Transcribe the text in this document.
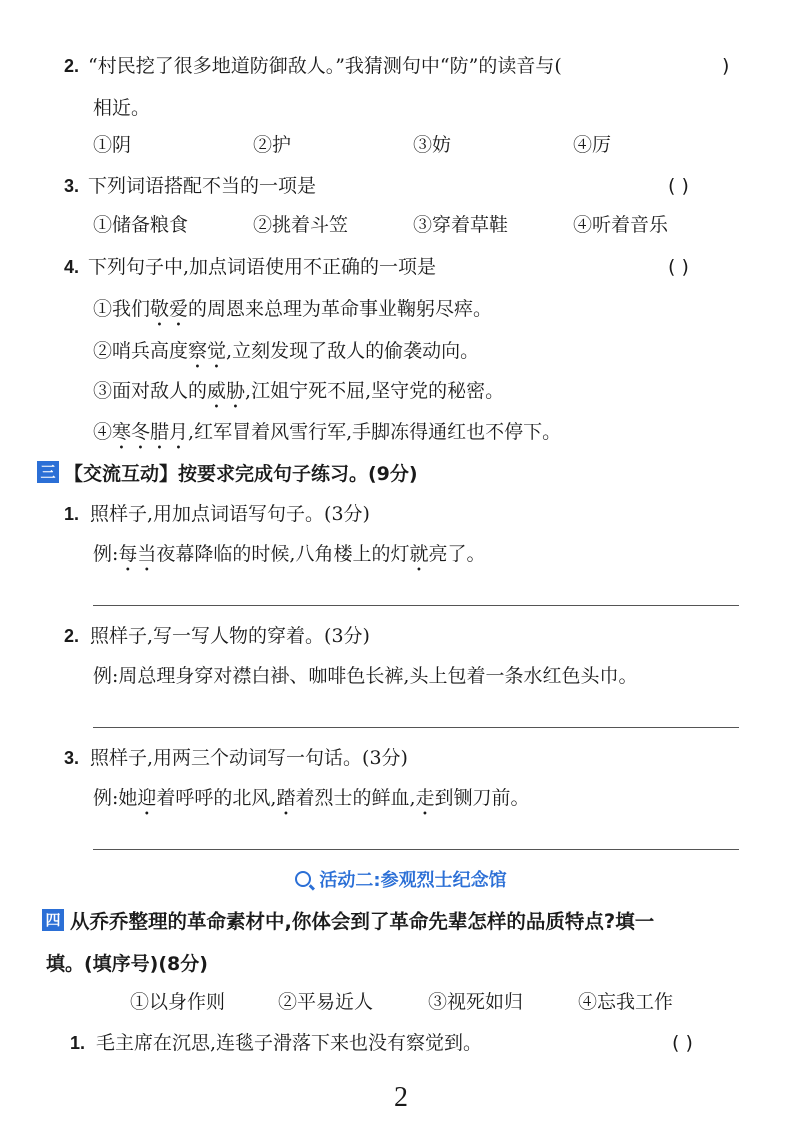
2. “村民挖了很多地道防御敌人。”我猜测句中“防”的读音与(	)
相近。
①阴	②护	③妨	④厉
3. 下列词语搭配不当的一项是	( )
①储备粮食	②挑着斗笠	③穿着草鞋	④听着音乐
4. 下列句子中,加点词语使用不正确的一项是	( )
①我们敬爱的周恩来总理为革命事业鞠躬尽瘁。
②哨兵高度察觉,立刻发现了敌人的偷袭动向。
③面对敌人的威胁,江姐宁死不屈,坚守党的秘密。
④寒冬腊月,红军冒着风雪行军,手脚冻得通红也不停下。
三 【交流互动】按要求完成句子练习。(9分)
1. 照样子,用加点词语写句子。(3分)
例:每当夜幕降临的时候,八角楼上的灯就亮了。
2. 照样子,写一写人物的穿着。(3分)
例:周总理身穿对襟白褂、咖啡色长裤,头上包着一条水红色头巾。
3. 照样子,用两三个动词写一句话。(3分)
例:她迎着呼呼的北风,踏着烈士的鲜血,走到铡刀前。
活动二:参观烈士纪念馆
四 从乔乔整理的革命素材中,你体会到了革命先辈怎样的品质特点?填一
填。(填序号)(8分)
①以身作则	②平易近人	③视死如归	④忘我工作
1. 毛主席在沉思,连毯子滑落下来也没有察觉到。	( )
2
